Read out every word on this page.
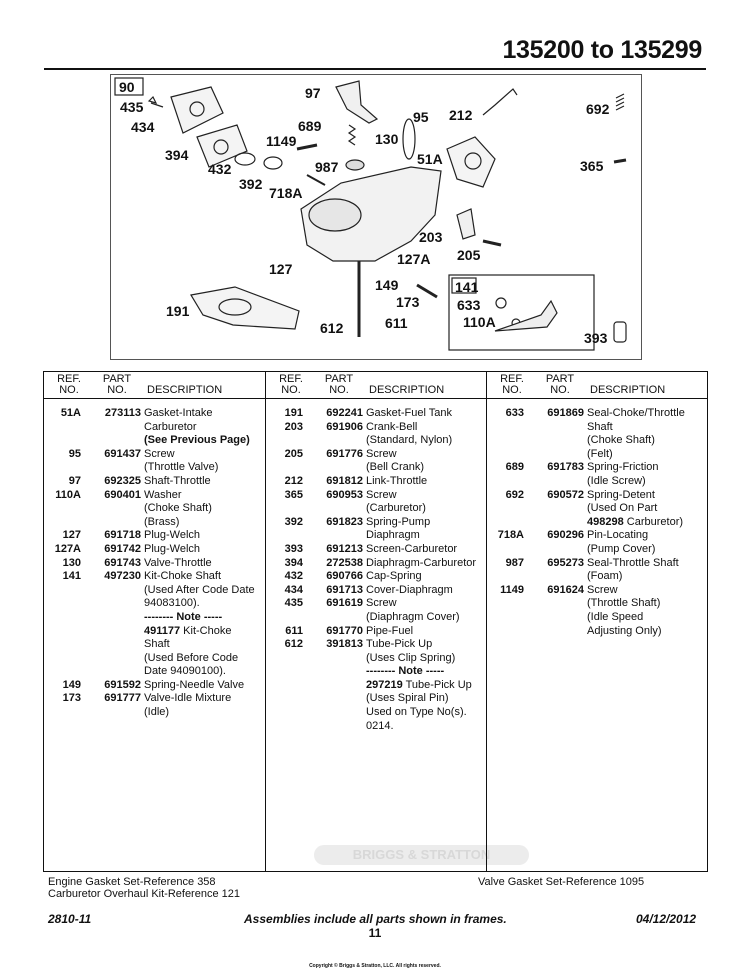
135200 to 135299
90
141
435
434
394
432
392
718A
1149
689
97
987
95 212
130
51A
203
205
127A
127
149
173	633
110A
191
612	611
692
365
393
BRIGGS & STRATTON
REF.
NO.
PART
NO.	DESCRIPTION
51A	273113 Gasket-Intake
Carburetor
(See Previous Page)
95	691437 Screw
(Throttle Valve)
97	692325 Shaft-Throttle
110A	690401 Washer
(Choke Shaft)
(Brass)
127	691718 Plug-Welch
127A	691742 Plug-Welch
130	691743 Valve-Throttle
141	497230 Kit-Choke Shaft
(Used After Code Date
94083100).
-------- Note -----
491177 Kit-Choke
Shaft
(Used Before Code
Date 94090100).
149	691592 Spring-Needle Valve
173	691777 Valve-Idle Mixture
(Idle)
REF.
NO.
PART
NO.	DESCRIPTION
191	692241 Gasket-Fuel Tank
203	691906 Crank-Bell
(Standard, Nylon)
205	691776 Screw
(Bell Crank)
212	691812 Link-Throttle
365	690953 Screw
(Carburetor)
392	691823 Spring-Pump
Diaphragm
393	691213 Screen-Carburetor
394	272538 Diaphragm-Carburetor
432	690766 Cap-Spring
434	691713 Cover-Diaphragm
435	691619 Screw
(Diaphragm Cover)
611	691770 Pipe-Fuel
612	391813 Tube-Pick Up
(Uses Clip Spring)
-------- Note -----
297219 Tube-Pick Up
(Uses Spiral Pin)
Used on Type No(s).
0214.
REF.
NO.
PART
NO.	DESCRIPTION
633	691869 Seal-Choke/Throttle
Shaft
(Choke Shaft)
(Felt)
689	691783 Spring-Friction
(Idle Screw)
692	690572 Spring-Detent
(Used On Part
498298 Carburetor)
718A	690296 Pin-Locating
(Pump Cover)
987	695273 Seal-Throttle Shaft
(Foam)
1149	691624 Screw
(Throttle Shaft)
(Idle Speed
Adjusting Only)
Engine Gasket Set-Reference 358
Carburetor Overhaul Kit-Reference 121
Valve Gasket Set-Reference 1095
2810-11	Assemblies include all parts shown in frames.	04/12/2012
11
Copyright © Briggs & Stratton, LLC. All rights reserved.
